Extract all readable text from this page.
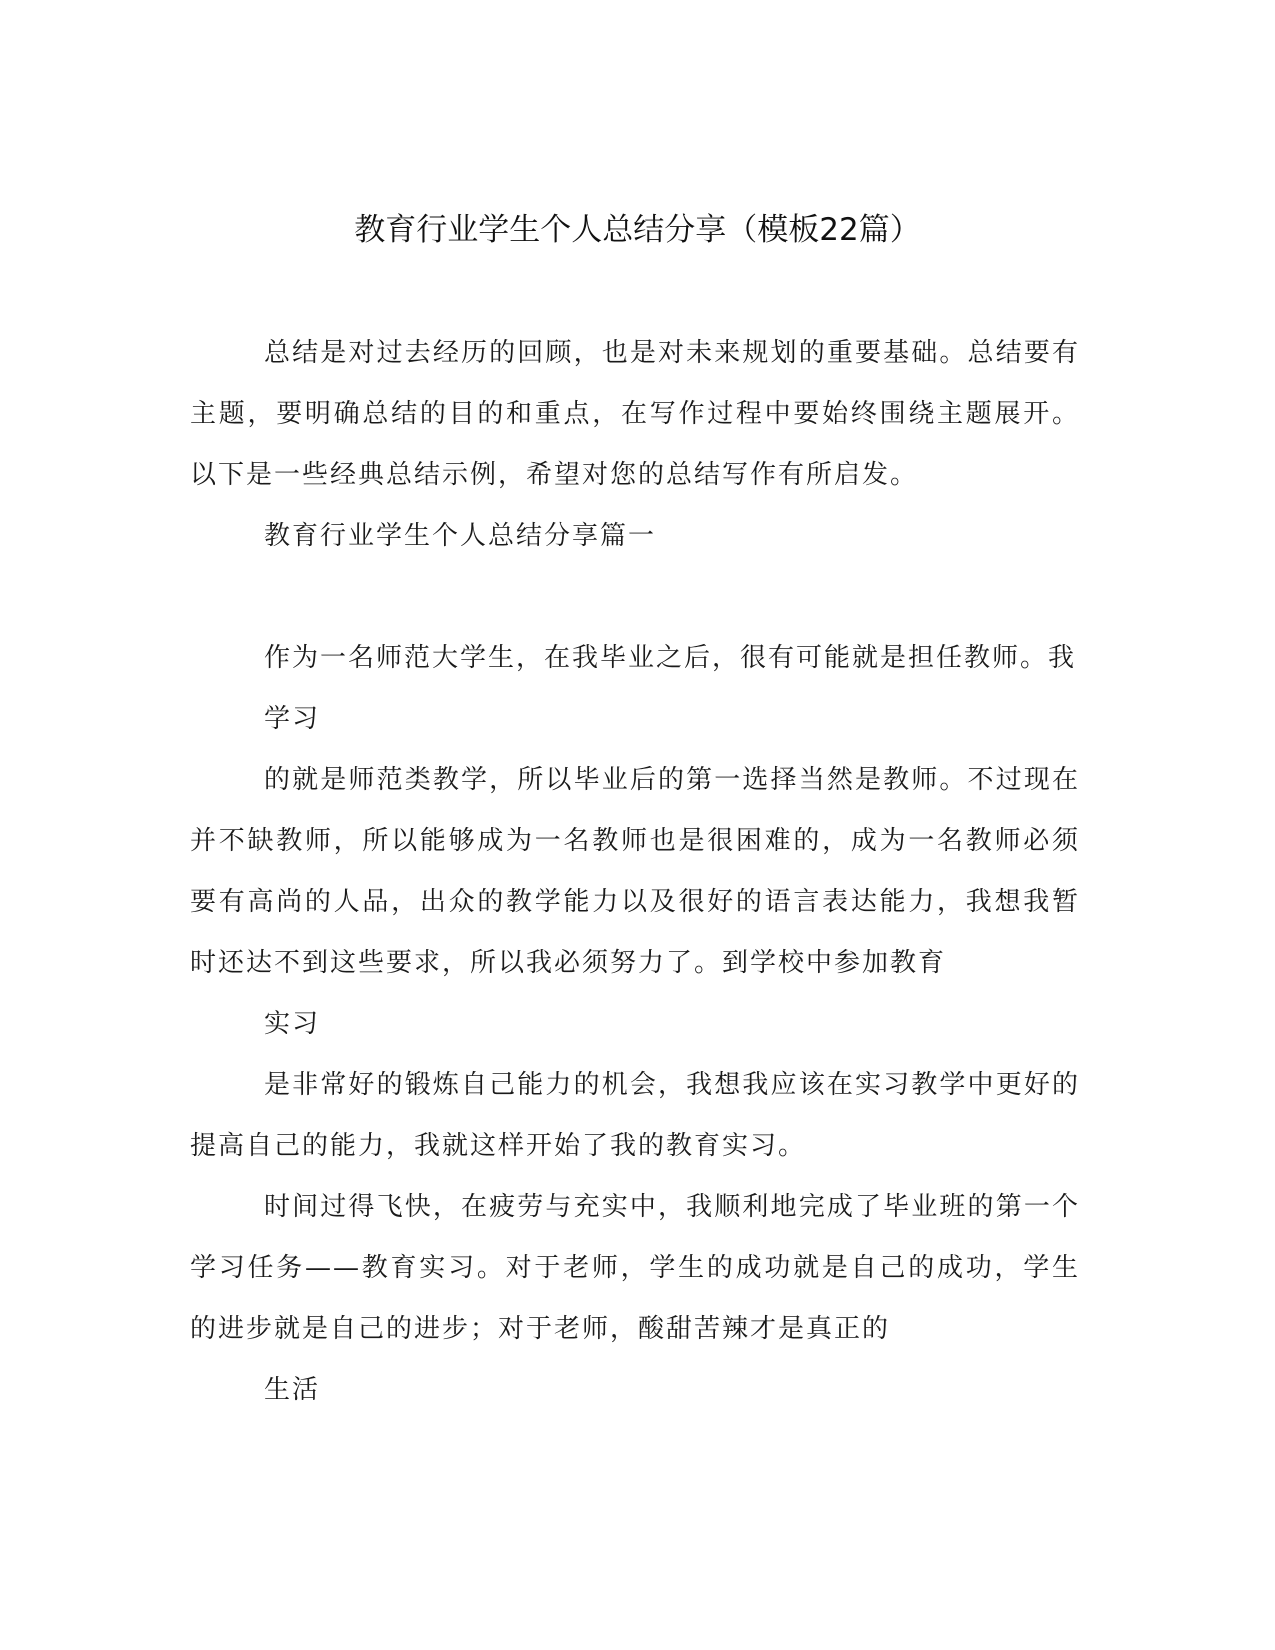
教育行业学生个人总结分享（模板22篇）

总结是对过去经历的回顾，也是对未来规划的重要基础。总结要有主题，要明确总结的目的和重点，在写作过程中要始终围绕主题展开。以下是一些经典总结示例，希望对您的总结写作有所启发。

教育行业学生个人总结分享篇一

作为一名师范大学生，在我毕业之后，很有可能就是担任教师。我

学习

的就是师范类教学，所以毕业后的第一选择当然是教师。不过现在并不缺教师，所以能够成为一名教师也是很困难的，成为一名教师必须要有高尚的人品，出众的教学能力以及很好的语言表达能力，我想我暂时还达不到这些要求，所以我必须努力了。到学校中参加教育

实习

是非常好的锻炼自己能力的机会，我想我应该在实习教学中更好的提高自己的能力，我就这样开始了我的教育实习。

时间过得飞快，在疲劳与充实中，我顺利地完成了毕业班的第一个学习任务——教育实习。对于老师，学生的成功就是自己的成功，学生的进步就是自己的进步；对于老师，酸甜苦辣才是真正的

生活
